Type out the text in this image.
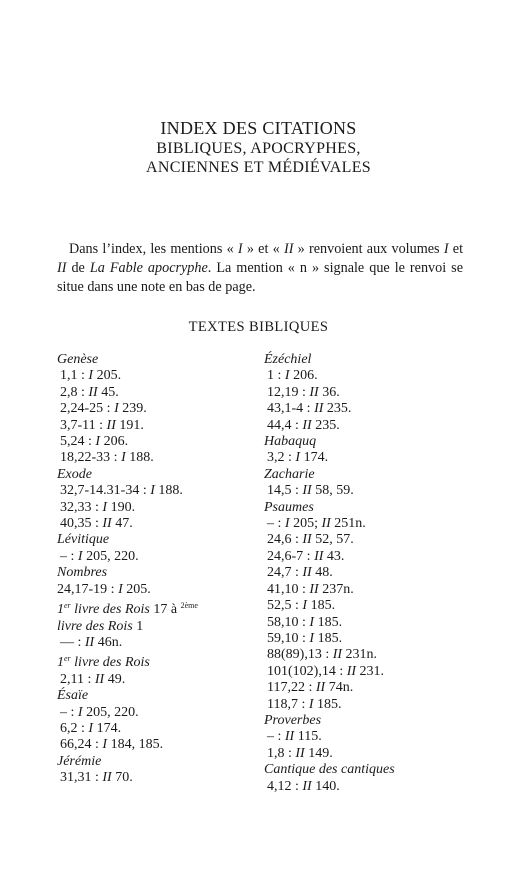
INDEX DES CITATIONS
BIBLIQUES, APOCRYPHES,
ANCIENNES ET MÉDIÉVALES

Dans l’index, les mentions « I » et « II » renvoient aux volumes I et II de La Fable apocryphe. La mention « n » signale que le renvoi se situe dans une note en bas de page.

TEXTES BIBLIQUES
Genèse
1,1 : I 205.
2,8 : II 45.
2,24-25 : I 239.
3,7-11 : II 191.
5,24 : I 206.
18,22-33 : I 188.
Exode
32,7-14.31-34 : I 188.
32,33 : I 190.
40,35 : II 47.
Lévitique
– : I 205, 220.
Nombres
24,17-19 : I 205.
1er livre des Rois 17 à $^{2ème}$
livre des Rois 1
— : II 46n.
1er livre des Rois
2,11 : II 49.
Ésaïe
– : I 205, 220.
6,2 : I 174.
66,24 : I 184, 185.
Jérémie
31,31 : II 70.
Ézéchiel
1 : I 206.
12,19 : II 36.
43,1-4 : II 235.
44,4 : II 235.
Habaquq
3,2 : I 174.
Zacharie
14,5 : II 58, 59.
Psaumes
– : I 205; II 251n.
24,6 : II 52, 57.
24,6-7 : II 43.
24,7 : II 48.
41,10 : II 237n.
52,5 : I 185.
58,10 : I 185.
59,10 : I 185.
88(89),13 : II 231n.
101(102),14 : II 231.
117,22 : II 74n.
118,7 : I 185.
Proverbes
– : II 115.
1,8 : II 149.
Cantique des cantiques
4,12 : II 140.
